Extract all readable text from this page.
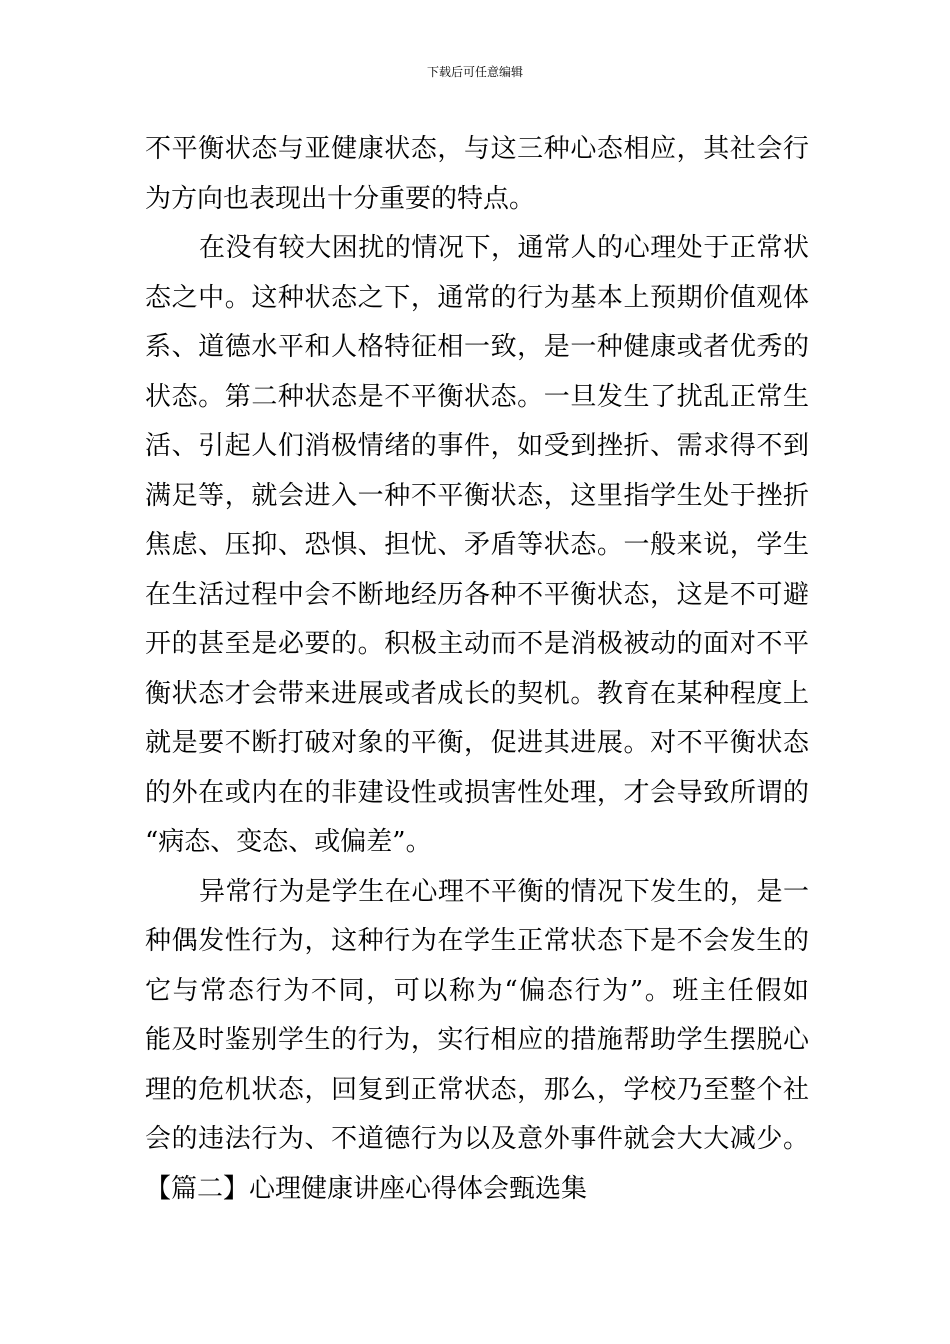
下载后可任意编辑
不平衡状态与亚健康状态，与这三种心态相应，其社会行
为方向也表现出十分重要的特点。
在没有较大困扰的情况下，通常人的心理处于正常状
态之中。这种状态之下，通常的行为基本上预期价值观体
系、道德水平和人格特征相一致，是一种健康或者优秀的
状态。第二种状态是不平衡状态。一旦发生了扰乱正常生
活、引起人们消极情绪的事件，如受到挫折、需求得不到
满足等，就会进入一种不平衡状态，这里指学生处于挫折
焦虑、压抑、恐惧、担忧、矛盾等状态。一般来说，学生
在生活过程中会不断地经历各种不平衡状态，这是不可避
开的甚至是必要的。积极主动而不是消极被动的面对不平
衡状态才会带来进展或者成长的契机。教育在某种程度上
就是要不断打破对象的平衡，促进其进展。对不平衡状态
的外在或内在的非建设性或损害性处理，才会导致所谓的
“病态、变态、或偏差”。
异常行为是学生在心理不平衡的情况下发生的，是一
种偶发性行为，这种行为在学生正常状态下是不会发生的
它与常态行为不同，可以称为“偏态行为”。班主任假如
能及时鉴别学生的行为，实行相应的措施帮助学生摆脱心
理的危机状态，回复到正常状态，那么，学校乃至整个社
会的违法行为、不道德行为以及意外事件就会大大减少。
【篇二】心理健康讲座心得体会甄选集
